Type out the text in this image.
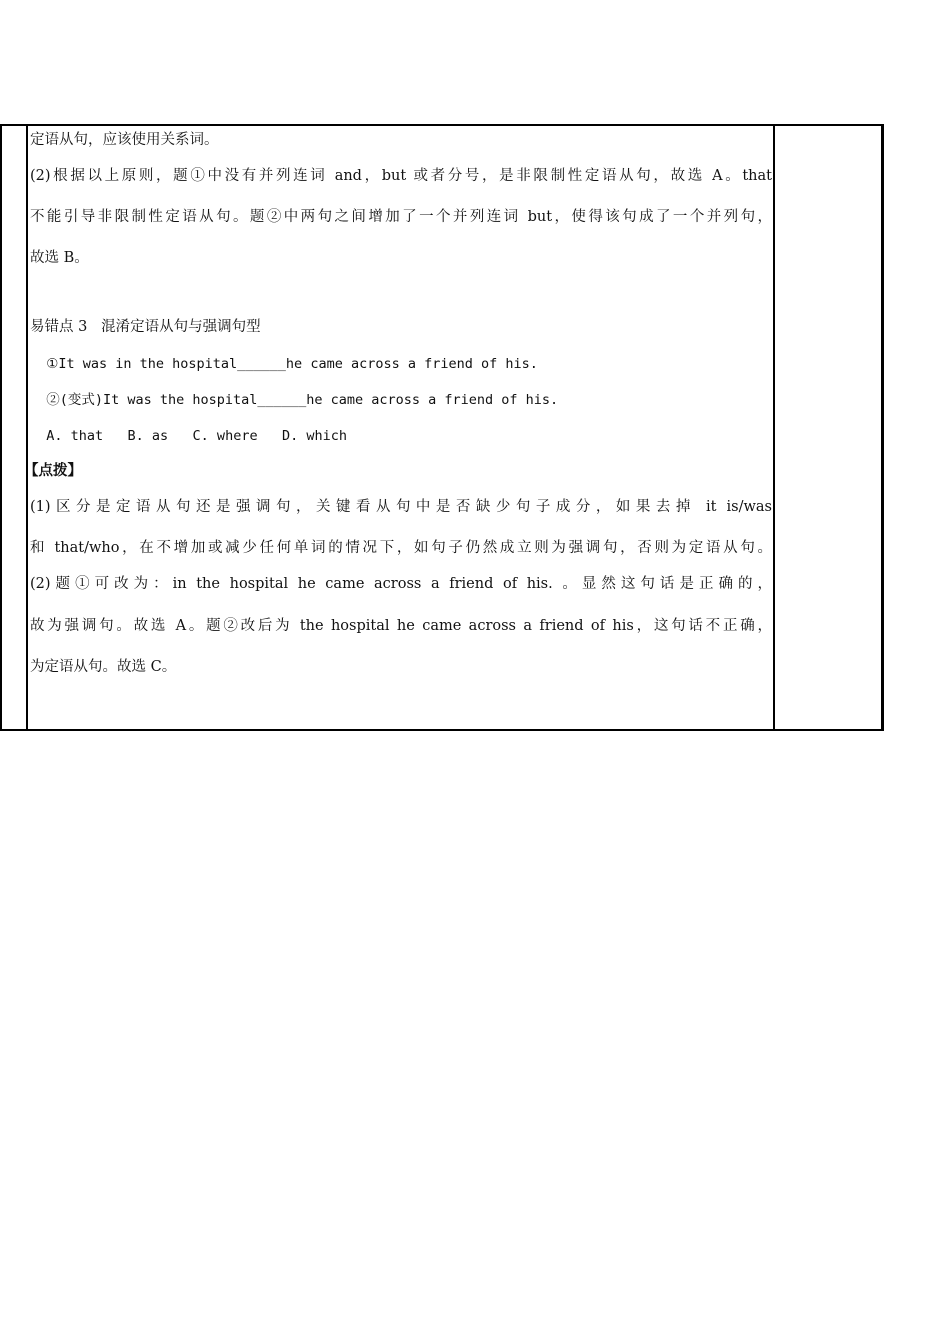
定语从句，应该使用关系词。
(2)根据以上原则，题①中没有并列连词 and，but 或者分号，是非限制性定语从句，故选 A。that
不能引导非限制性定语从句。题②中两句之间增加了一个并列连词 but，使得该句成了一个并列句，
故选 B。
易错点 3   混淆定语从句与强调句型
①It was in the hospital______he came across a friend of his.
②(变式)It was the hospital______he came across a friend of his.
A. that   B. as   C. where   D. which
【点拨】
(1)区分是定语从句还是强调句，关键看从句中是否缺少句子成分，如果去掉 it is/was
和 that/who，在不增加或减少任何单词的情况下，如句子仍然成立则为强调句，否则为定语从句。
(2)题①可改为：in the hospital he came across a friend of his. 。显然这句话是正确的，
故为强调句。故选 A。题②改后为 the hospital he came across a friend of his，这句话不正确，
为定语从句。故选 C。
